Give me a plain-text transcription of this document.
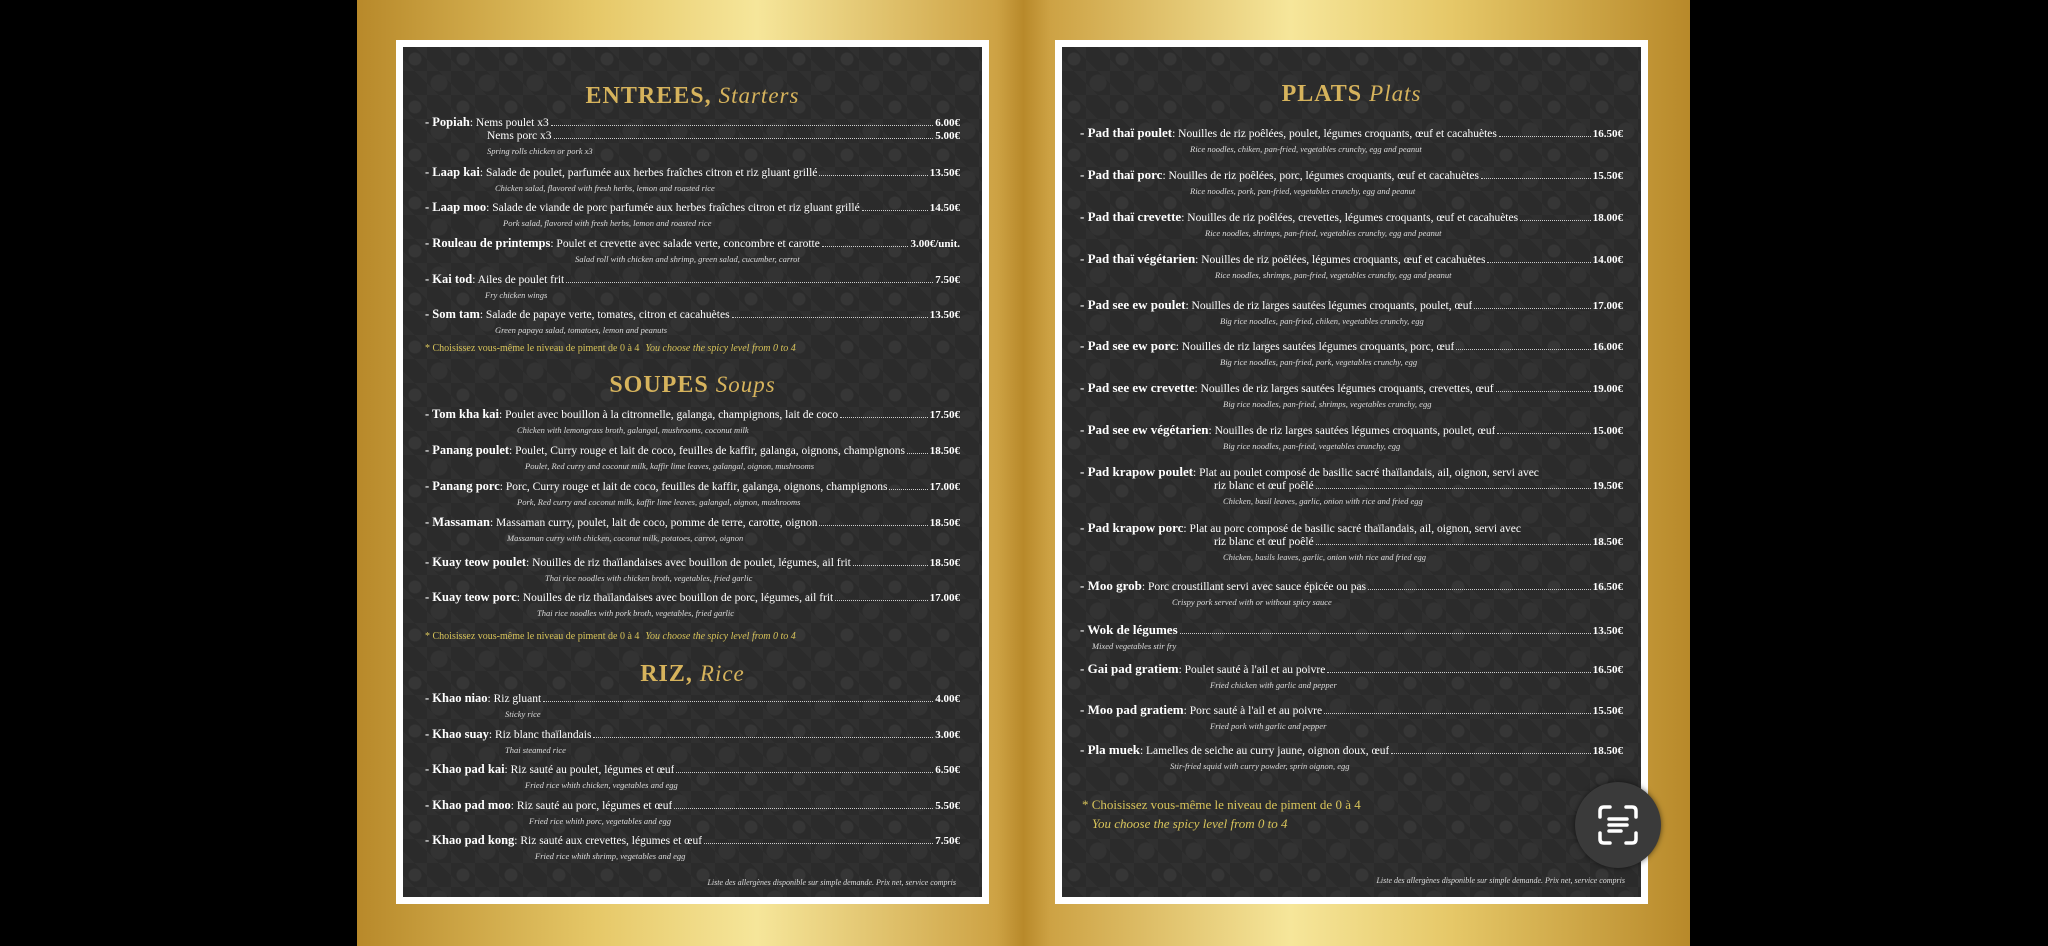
ENTREES, Starters
- Popiah : Nems poulet x3	6.00€
Nems porc x3	5.00€
Spring rolls chicken or pork x3
- Laap kai : Salade de poulet, parfumée aux herbes fraîches citron et riz gluant grillé	13.50€
Chicken salad, flavored with fresh herbs, lemon and roasted rice
- Laap moo : Salade de viande de porc parfumée aux herbes fraîches citron et riz gluant grillé	14.50€
Pork salad, flavored with fresh herbs, lemon and roasted rice
- Rouleau de printemps : Poulet et crevette avec salade verte, concombre et carotte	3.00€/unit.
Salad roll with chicken and shrimp, green salad, cucumber, carrot
- Kai tod : Ailes de poulet frit	7.50€
Fry chicken wings
- Som tam : Salade de papaye verte, tomates, citron et cacahuètes	13.50€
Green papaya salad, tomatoes, lemon and peanuts
* Choisissez vous-même le niveau de piment de 0 à 4 You choose the spicy level from 0 to 4
SOUPES Soups
- Tom kha kai : Poulet avec bouillon à la citronnelle, galanga, champignons, lait de coco	17.50€
Chicken with lemongrass broth, galangal, mushrooms, coconut milk
- Panang poulet : Poulet, Curry rouge et lait de coco, feuilles de kaffir, galanga, oignons, champignons 18.50€
Poulet, Red curry and coconut milk, kaffir lime leaves, galangal, oignon, mushrooms
- Panang porc : Porc, Curry rouge et lait de coco, feuilles de kaffir, galanga, oignons, champignons	17.00€
Pork, Red curry and coconut milk, kaffir lime leaves, galangal, oignon, mushrooms
- Massaman : Massaman curry, poulet, lait de coco, pomme de terre, carotte, oignon	18.50€
Massaman curry with chicken, coconut milk, potatoes, carrot, oignon
- Kuay teow poulet : Nouilles de riz thaïlandaises avec bouillon de poulet, légumes, ail frit	18.50€
Thai rice noodles with chicken broth, vegetables, fried garlic
- Kuay teow porc : Nouilles de riz thaïlandaises avec bouillon de porc, légumes, ail frit	17.00€
Thai rice noodles with pork broth, vegetables, fried garlic
* Choisissez vous-même le niveau de piment de 0 à 4 You choose the spicy level from 0 to 4
RIZ, Rice
- Khao niao : Riz gluant	4.00€
Sticky rice
- Khao suay : Riz blanc thaïlandais	3.00€
Thai steamed rice
- Khao pad kai : Riz sauté au poulet, légumes et œuf	6.50€
Fried rice whith chicken, vegetables and egg
- Khao pad moo : Riz sauté au porc, légumes et œuf	5.50€
Fried rice whith porc, vegetables and egg
- Khao pad kong : Riz sauté aux crevettes, légumes et œuf	7.50€
Fried rice whith shrimp, vegetables and egg
Liste des allergènes disponible sur simple demande. Prix net, service compris
PLATS Plats
- Pad thaï poulet : Nouilles de riz poêlées, poulet, légumes croquants, œuf et cacahuètes	16.50€
Rice noodles, chiken, pan-fried, vegetables crunchy, egg and peanut
- Pad thaï porc : Nouilles de riz poêlées, porc, légumes croquants, œuf et cacahuètes	15.50€
Rice noodles, pork, pan-fried, vegetables crunchy, egg and peanut
- Pad thaï crevette : Nouilles de riz poêlées, crevettes, légumes croquants, œuf et cacahuètes	18.00€
Rice noodles, shrimps, pan-fried, vegetables crunchy, egg and peanut
- Pad thaï végétarien : Nouilles de riz poêlées, légumes croquants, œuf et cacahuètes	14.00€
Rice noodles, shrimps, pan-fried, vegetables crunchy, egg and peanut
- Pad see ew poulet : Nouilles de riz larges sautées légumes croquants, poulet, œuf	17.00€
Big rice noodles, pan-fried, chiken, vegetables crunchy, egg
- Pad see ew porc : Nouilles de riz larges sautées légumes croquants, porc, œuf	16.00€
Big rice noodles, pan-fried, pork, vegetables crunchy, egg
- Pad see ew crevette : Nouilles de riz larges sautées légumes croquants, crevettes, œuf	19.00€
Big rice noodles, pan-fried, shrimps, vegetables crunchy, egg
- Pad see ew végétarien : Nouilles de riz larges sautées légumes croquants, poulet, œuf	15.00€
Big rice noodles, pan-fried, vegetables crunchy, egg
- Pad krapow poulet : Plat au poulet composé de basilic sacré thaïlandais, ail, oignon, servi avec
riz blanc et œuf poêlé	19.50€
Chicken, basil leaves, garlic, onion with rice and fried egg
- Pad krapow porc : Plat au porc composé de basilic sacré thaïlandais, ail, oignon, servi avec
riz blanc et œuf poêlé	18.50€
Chicken, basils leaves, garlic, onion with rice and fried egg
- Moo grob : Porc croustillant servi avec sauce épicée ou pas	16.50€
Crispy pork served with or without spicy sauce
- Wok de légumes	13.50€
Mixed vegetables stir fry
- Gai pad gratiem : Poulet sauté à l'ail et au poivre	16.50€
Fried chicken with garlic and pepper
- Moo pad gratiem : Porc sauté à l'ail et au poivre	15.50€
Fried pork with garlic and pepper
- Pla muek : Lamelles de seiche au curry jaune, oignon doux, œuf	18.50€
Stir-fried squid with curry powder, sprin oignon, egg
* Choisissez vous-même le niveau de piment de 0 à 4
You choose the spicy level from 0 to 4
Liste des allergènes disponible sur simple demande. Prix net, service compris
